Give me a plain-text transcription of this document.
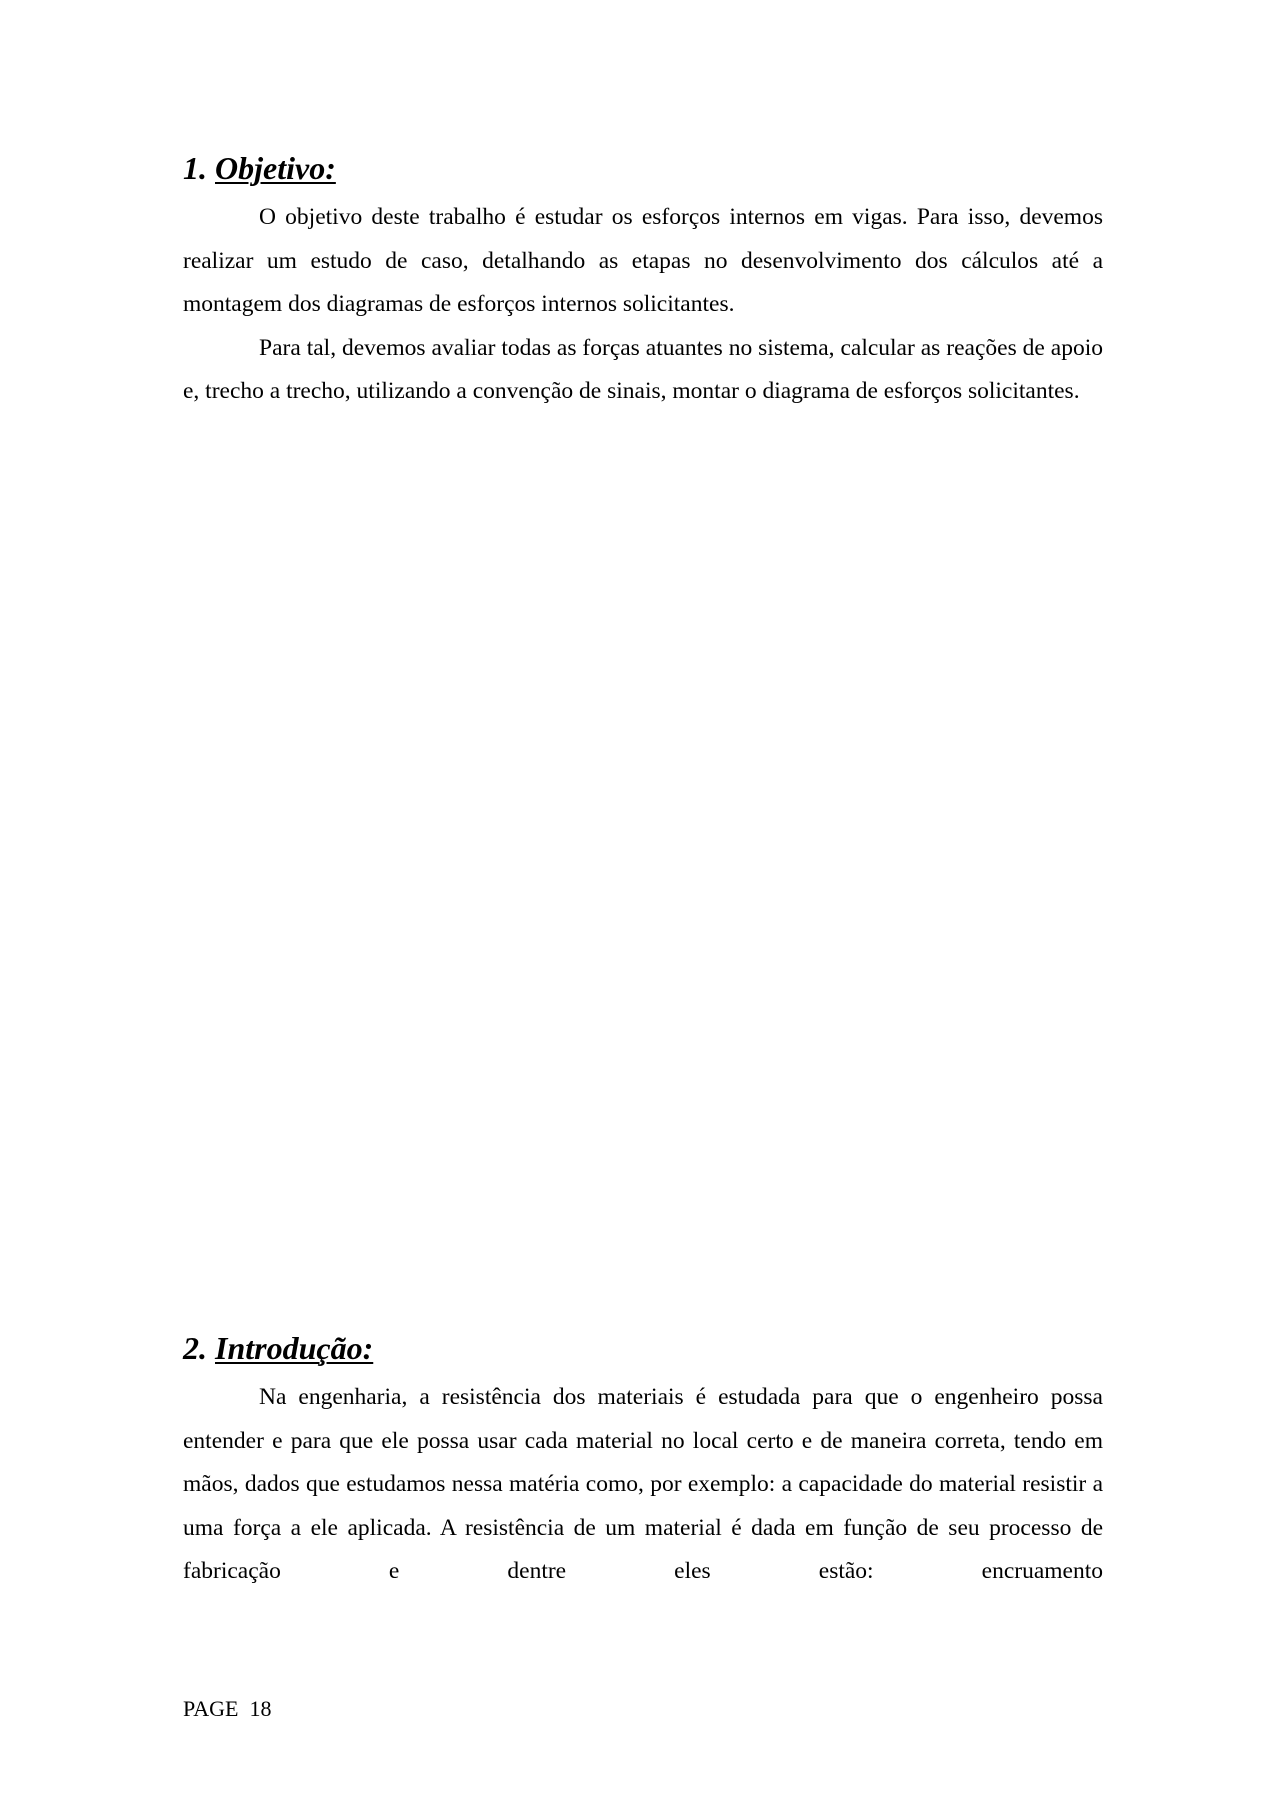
1. Objetivo:

O objetivo deste trabalho é estudar os esforços internos em vigas. Para isso, devemos realizar um estudo de caso, detalhando as etapas no desenvolvimento dos cálculos até a montagem dos diagramas de esforços internos solicitantes.

Para tal, devemos avaliar todas as forças atuantes no sistema, calcular as reações de apoio e, trecho a trecho, utilizando a convenção de sinais, montar o diagrama de esforços solicitantes.

2. Introdução:

Na engenharia, a resistência dos materiais é estudada para que o engenheiro possa entender e para que ele possa usar cada material no local certo e de maneira correta, tendo em mãos, dados que estudamos nessa matéria como, por exemplo: a capacidade do material resistir a uma força a ele aplicada. A resistência de um material é dada em função de seu processo de fabricação e dentre eles estão: encruamento

PAGE 18
